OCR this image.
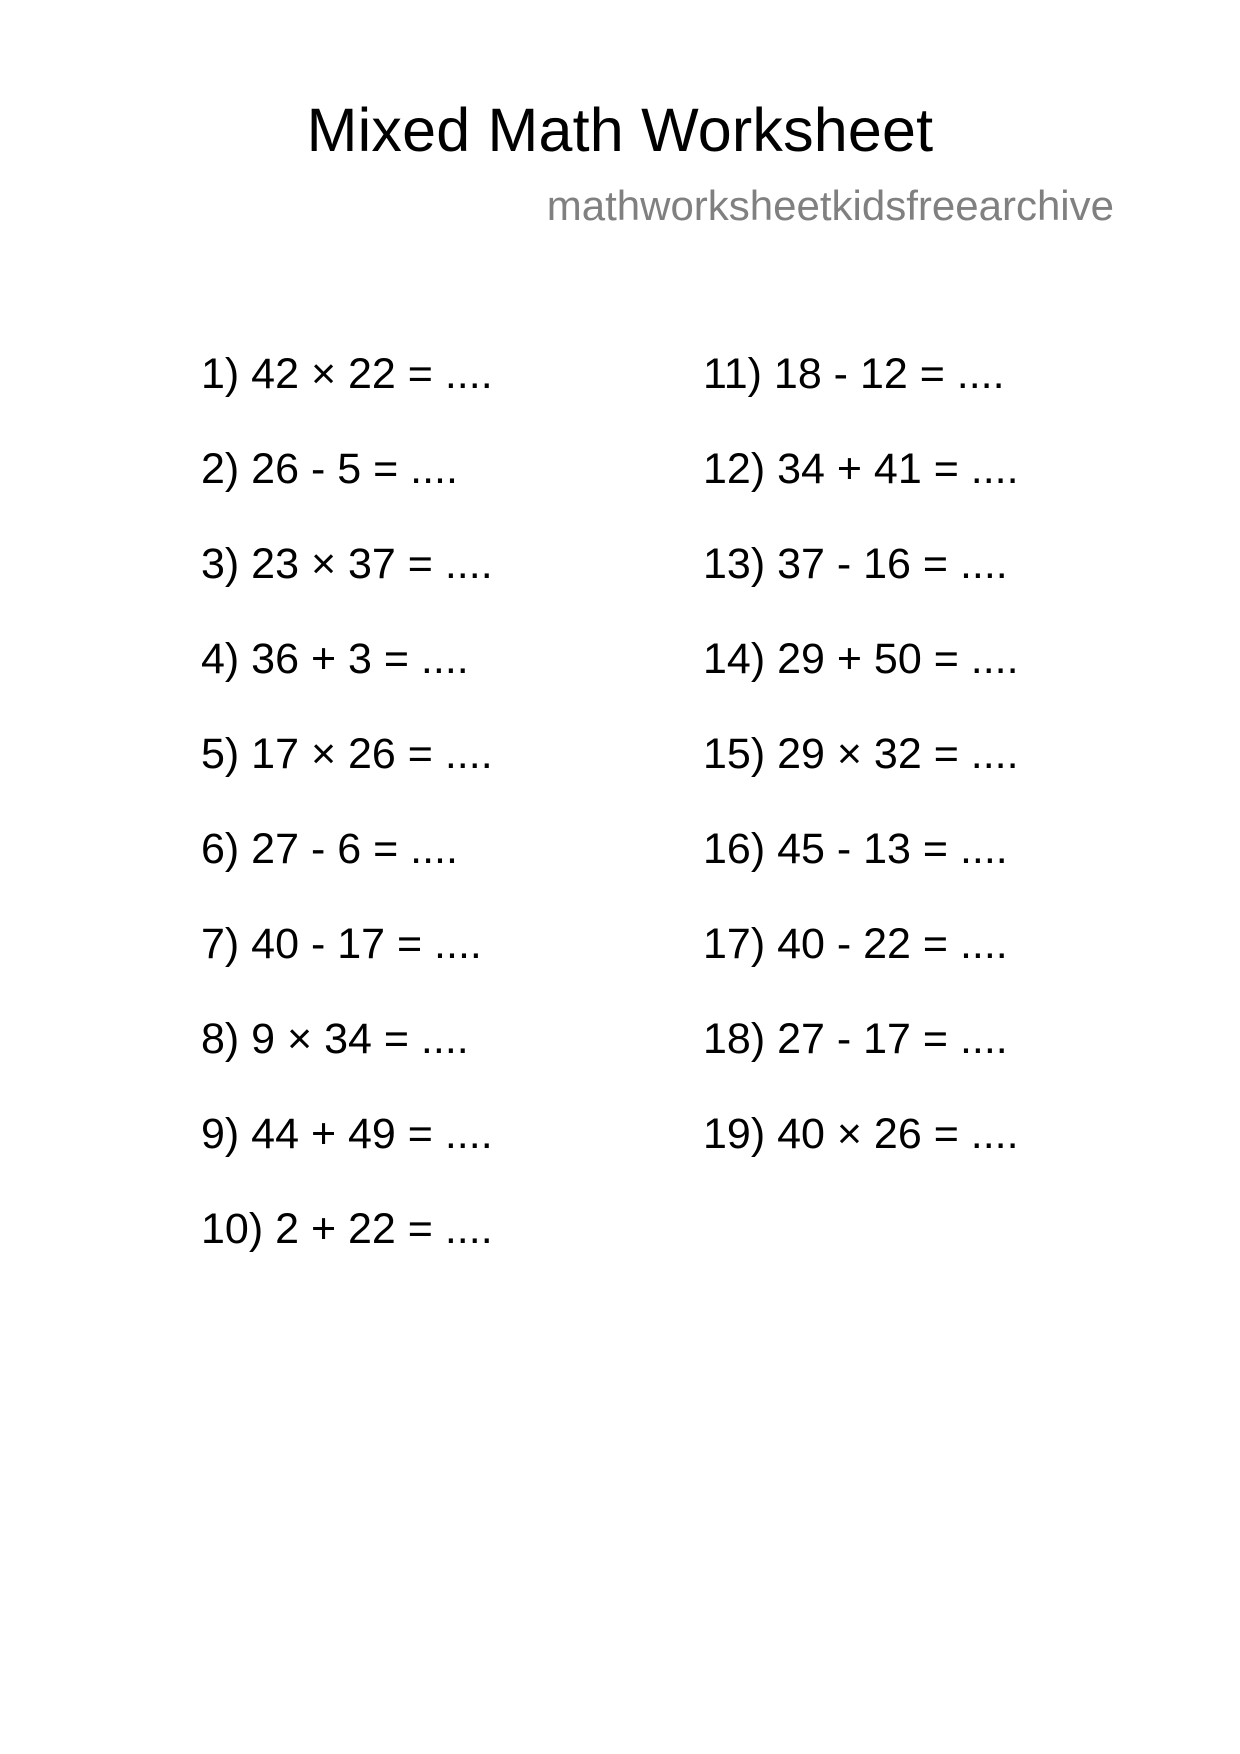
Mixed Math Worksheet
mathworksheetkidsfreearchive
1) 42 × 22 = ....
2) 26 - 5 = ....
3) 23 × 37 = ....
4) 36 + 3 = ....
5) 17 × 26 = ....
6) 27 - 6 = ....
7) 40 - 17 = ....
8) 9 × 34 = ....
9) 44 + 49 = ....
10) 2 + 22 = ....
11) 18 - 12 = ....
12) 34 + 41 = ....
13) 37 - 16 = ....
14) 29 + 50 = ....
15) 29 × 32 = ....
16) 45 - 13 = ....
17) 40 - 22 = ....
18) 27 - 17 = ....
19) 40 × 26 = ....
